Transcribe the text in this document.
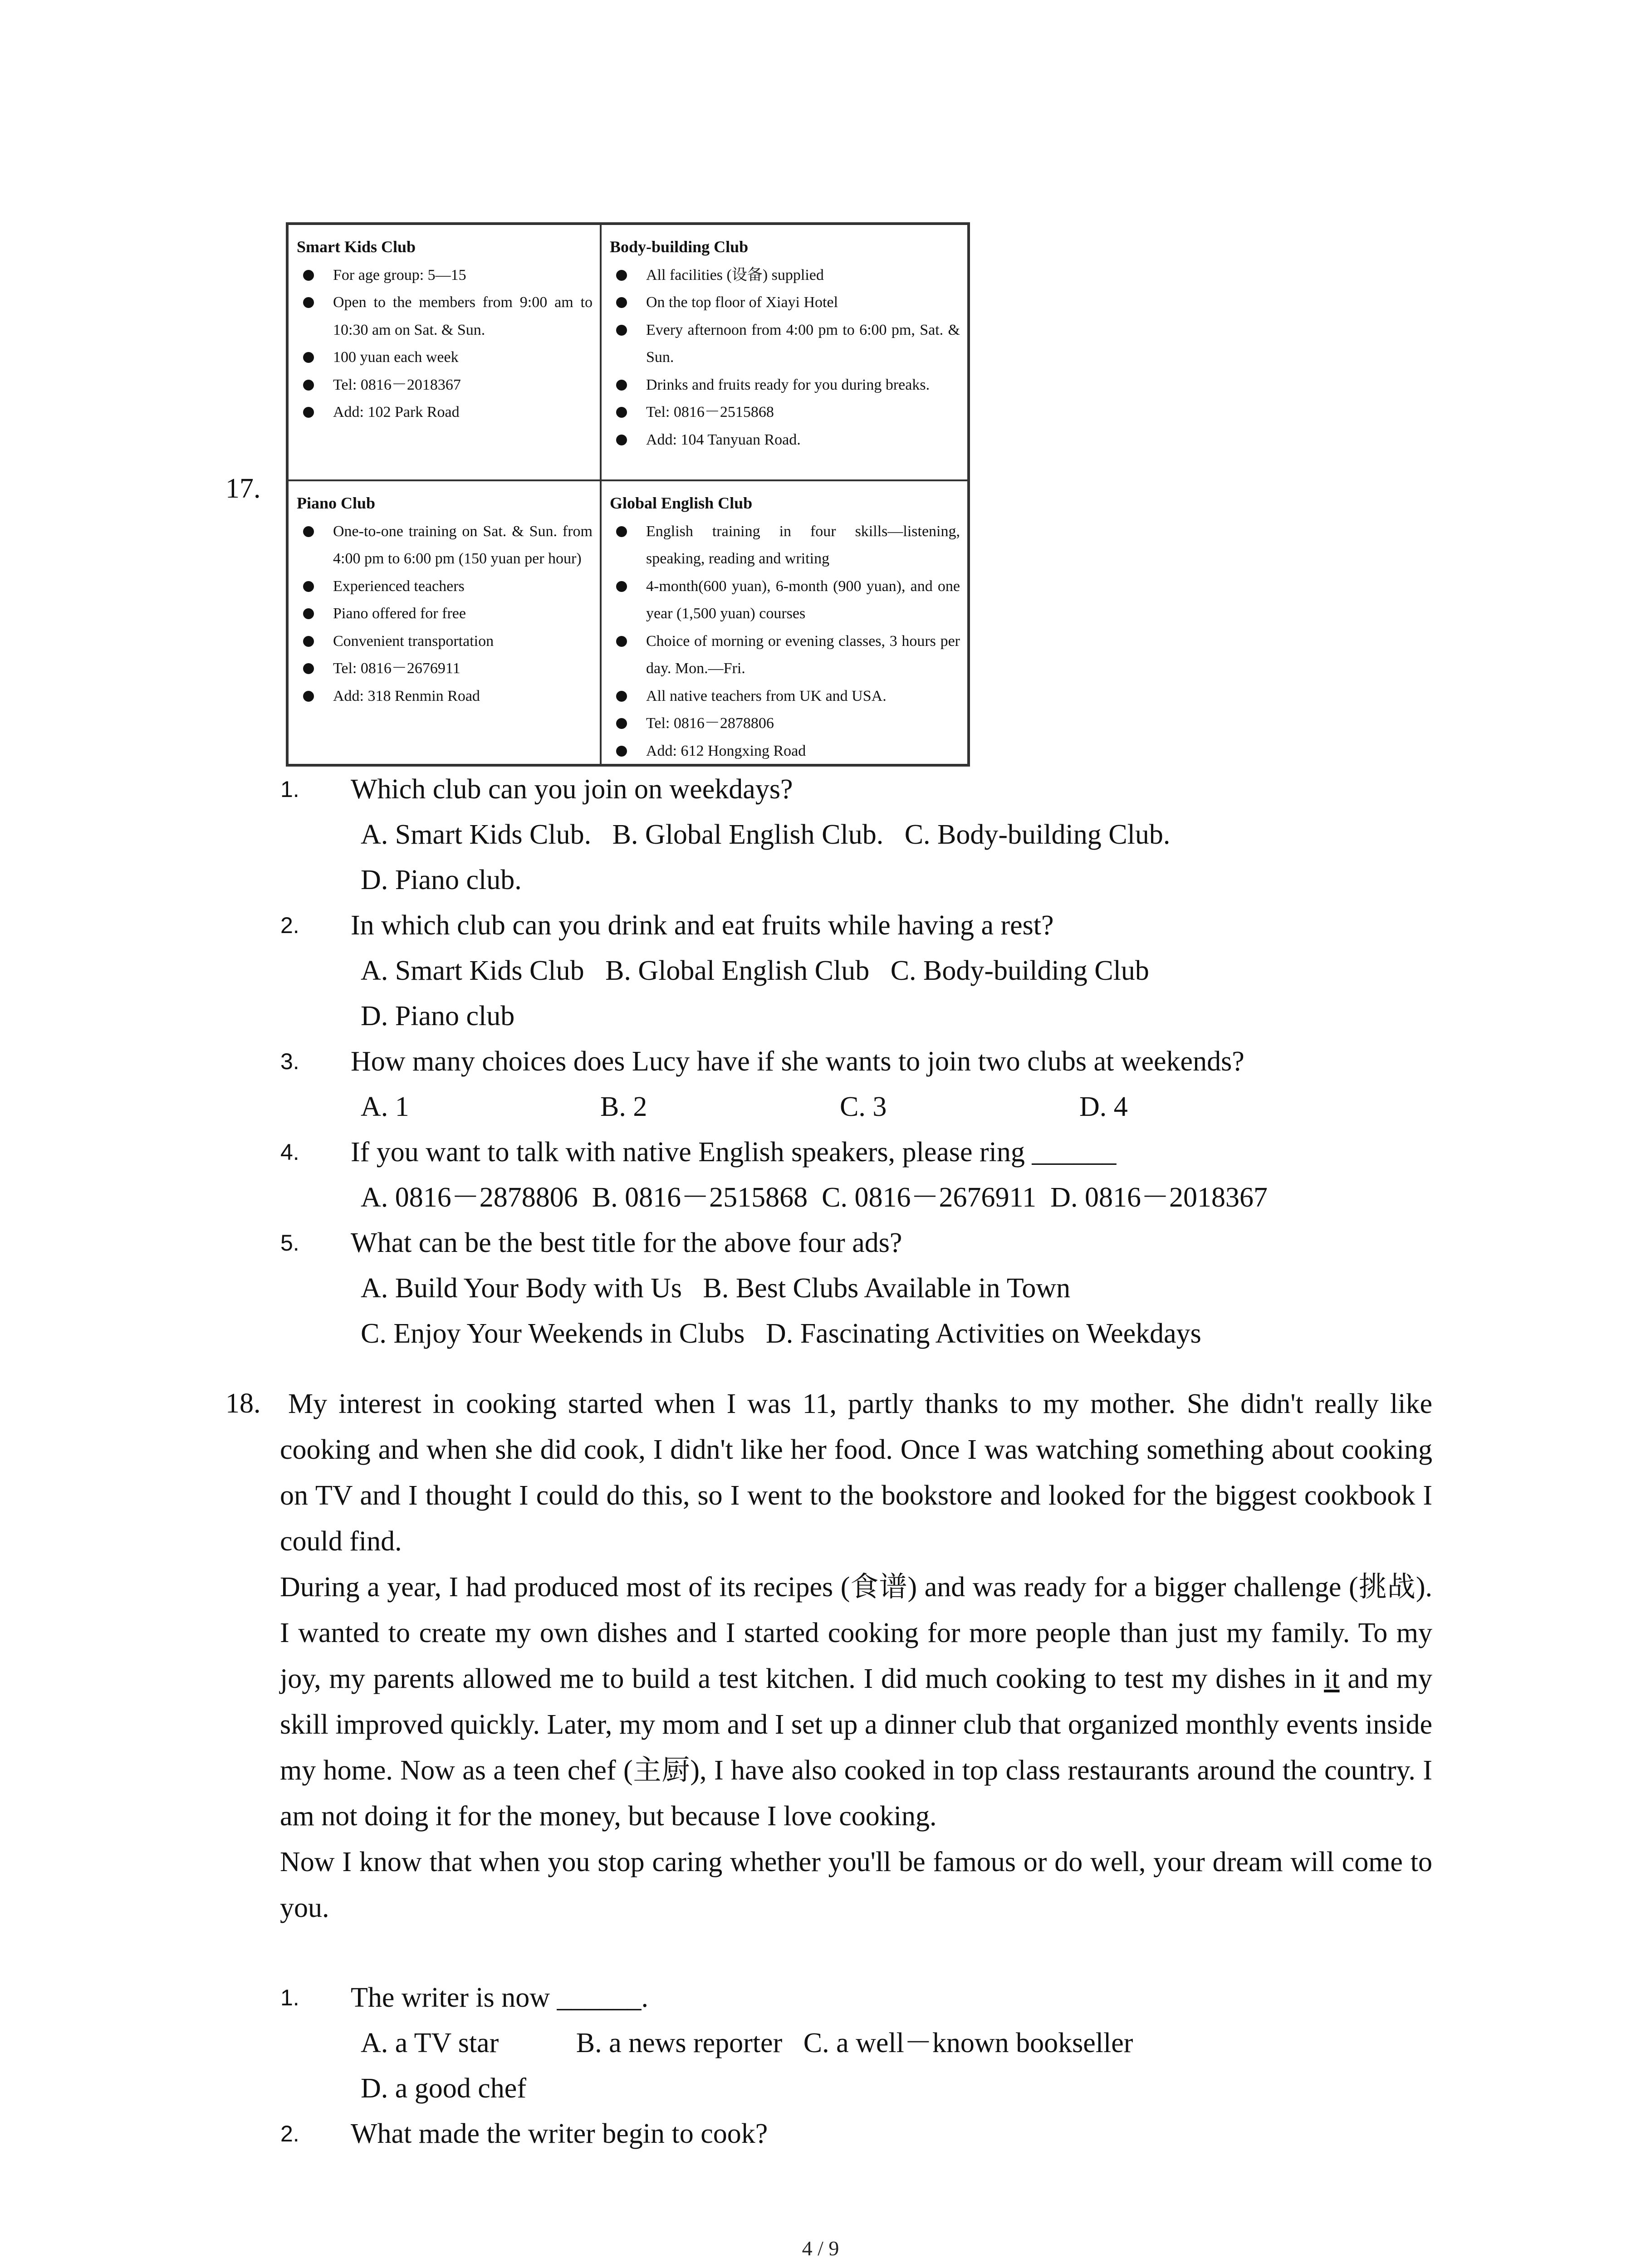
17.
Smart Kids Club
For age group: 5—15
Open to the members from 9:00 am to 10:30 am on Sat. & Sun.
100 yuan each week
Tel: 0816－2018367
Add: 102 Park Road
Body-building Club
All facilities (设备) supplied
On the top floor of Xiayi Hotel
Every afternoon from 4:00 pm to 6:00 pm, Sat. & Sun.
Drinks and fruits ready for you during breaks.
Tel: 0816－2515868
Add: 104 Tanyuan Road.
Piano Club
One-to-one training on Sat. & Sun. from 4:00 pm to 6:00 pm (150 yuan per hour)
Experienced teachers
Piano offered for free
Convenient transportation
Tel: 0816－2676911
Add: 318 Renmin Road
Global English Club
English training in four skills—listening, speaking, reading and writing
4-month(600 yuan), 6-month (900 yuan), and one year (1,500 yuan) courses
Choice of morning or evening classes, 3 hours per day. Mon.—Fri.
All native teachers from UK and USA.
Tel: 0816－2878806
Add: 612 Hongxing Road
1. Which club can you join on weekdays?
A. Smart Kids Club.   B. Global English Club.   C. Body-building Club.
D. Piano club.
2. In which club can you drink and eat fruits while having a rest?
A. Smart Kids Club   B. Global English Club   C. Body-building Club
D. Piano club
3. How many choices does Lucy have if she wants to join two clubs at weekends?
A. 1	B. 2	C. 3	D. 4
4. If you want to talk with native English speakers, please ring ______
A. 0816－2878806  B. 0816－2515868  C. 0816－2676911  D. 0816－2018367
5. What can be the best title for the above four ads?
A. Build Your Body with Us   B. Best Clubs Available in Town
C. Enjoy Your Weekends in Clubs   D. Fascinating Activities on Weekdays
18. My interest in cooking started when I was 11, partly thanks to my mother. She didn't really like cooking and when she did cook, I didn't like her food. Once I was watching something about cooking on TV and I thought I could do this, so I went to the bookstore and looked for the biggest cookbook I could find.

During a year, I had produced most of its recipes (食谱) and was ready for a bigger challenge (挑战). I wanted to create my own dishes and I started cooking for more people than just my family. To my joy, my parents allowed me to build a test kitchen. I did much cooking to test my dishes in it and my skill improved quickly. Later, my mom and I set up a dinner club that organized monthly events inside my home. Now as a teen chef (主厨), I have also cooked in top class restaurants around the country. I am not doing it for the money, but because I love cooking.

Now I know that when you stop caring whether you'll be famous or do well, your dream will come to you.

1. The writer is now ______.
A. a TV star           B. a news reporter   C. a well－known bookseller
D. a good chef
2. What made the writer begin to cook?
4 / 9
